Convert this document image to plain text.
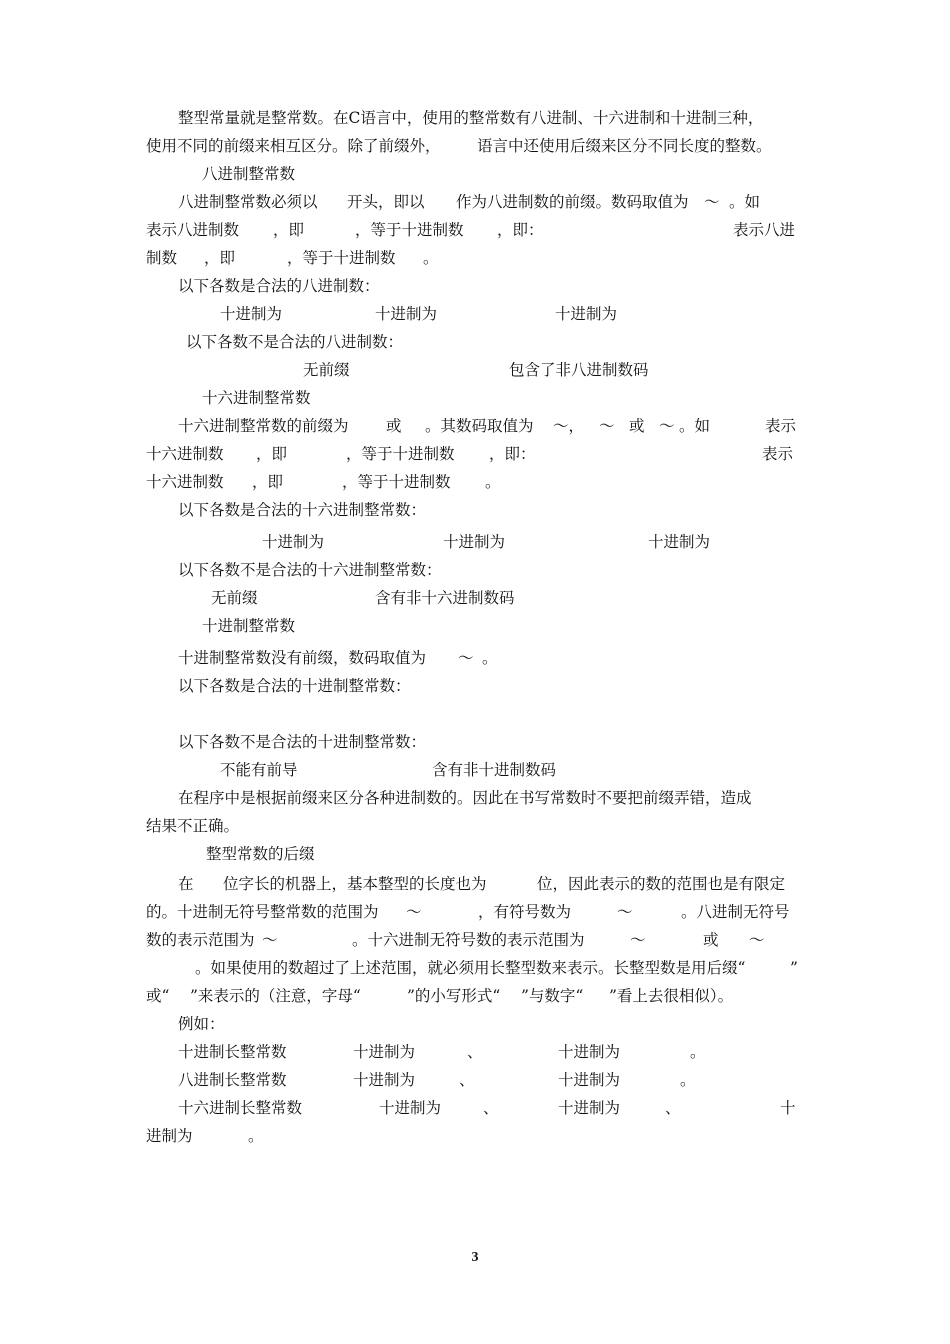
整型常量就是整常数。在C语言中，使用的整常数有八进制、十六进制和十进制三种，
使用不同的前缀来相互区分。除了前缀外， 语言中还使用后缀来区分不同长度的整数。
八进制整常数
八进制整常数必须以 开头，即以 作为八进制数的前缀。数码取值为 ～ 。如
表示八进制数 ，即	，等于十进制数 ，即：	表示八进
制数 ，即	，等于十进制数 。
以下各数是合法的八进制数：
十进制为	十进制为	十进制为
以下各数不是合法的八进制数：
无前缀	包含了非八进制数码
十六进制整常数
十六进制整常数的前缀为 或 。其数码取值为 ～， ～ 或 ～ 。如	表示
十六进制数 ，即	，等于十进制数 ，即：	表示
十六进制数 ，即	，等于十进制数 。
以下各数是合法的十六进制整常数：
十进制为	十进制为	十进制为
以下各数不是合法的十六进制整常数：
无前缀	含有非十六进制数码
十进制整常数
十进制整常数没有前缀，数码取值为 ～ 。
以下各数是合法的十进制整常数：
以下各数不是合法的十进制整常数：
不能有前导	含有非十进制数码
在程序中是根据前缀来区分各种进制数的。因此在书写常数时不要把前缀弄错，造成
结果不正确。
整型常数的后缀
在 位字长的机器上，基本整型的长度也为	位，因此表示的数的范围也是有限定
的。十进制无符号整常数的范围为 ～	，有符号数为	～	。八进制无符号
数的表示范围为 ～	。十六进制无符号数的表示范围为	～	或 ～
。如果使用的数超过了上述范围，就必须用长整型数来表示。长整型数是用后缀“	”
或“ ”来表示的（注意，字母“	”的小写形式“ ”与数字“ ”看上去很相似）。
例如：
十进制长整常数	十进制为	、	十进制为	。
八进制长整常数	十进制为	、	十进制为	。
十六进制长整常数	十进制为	、	十进制为	、	十
进制为	。
3
